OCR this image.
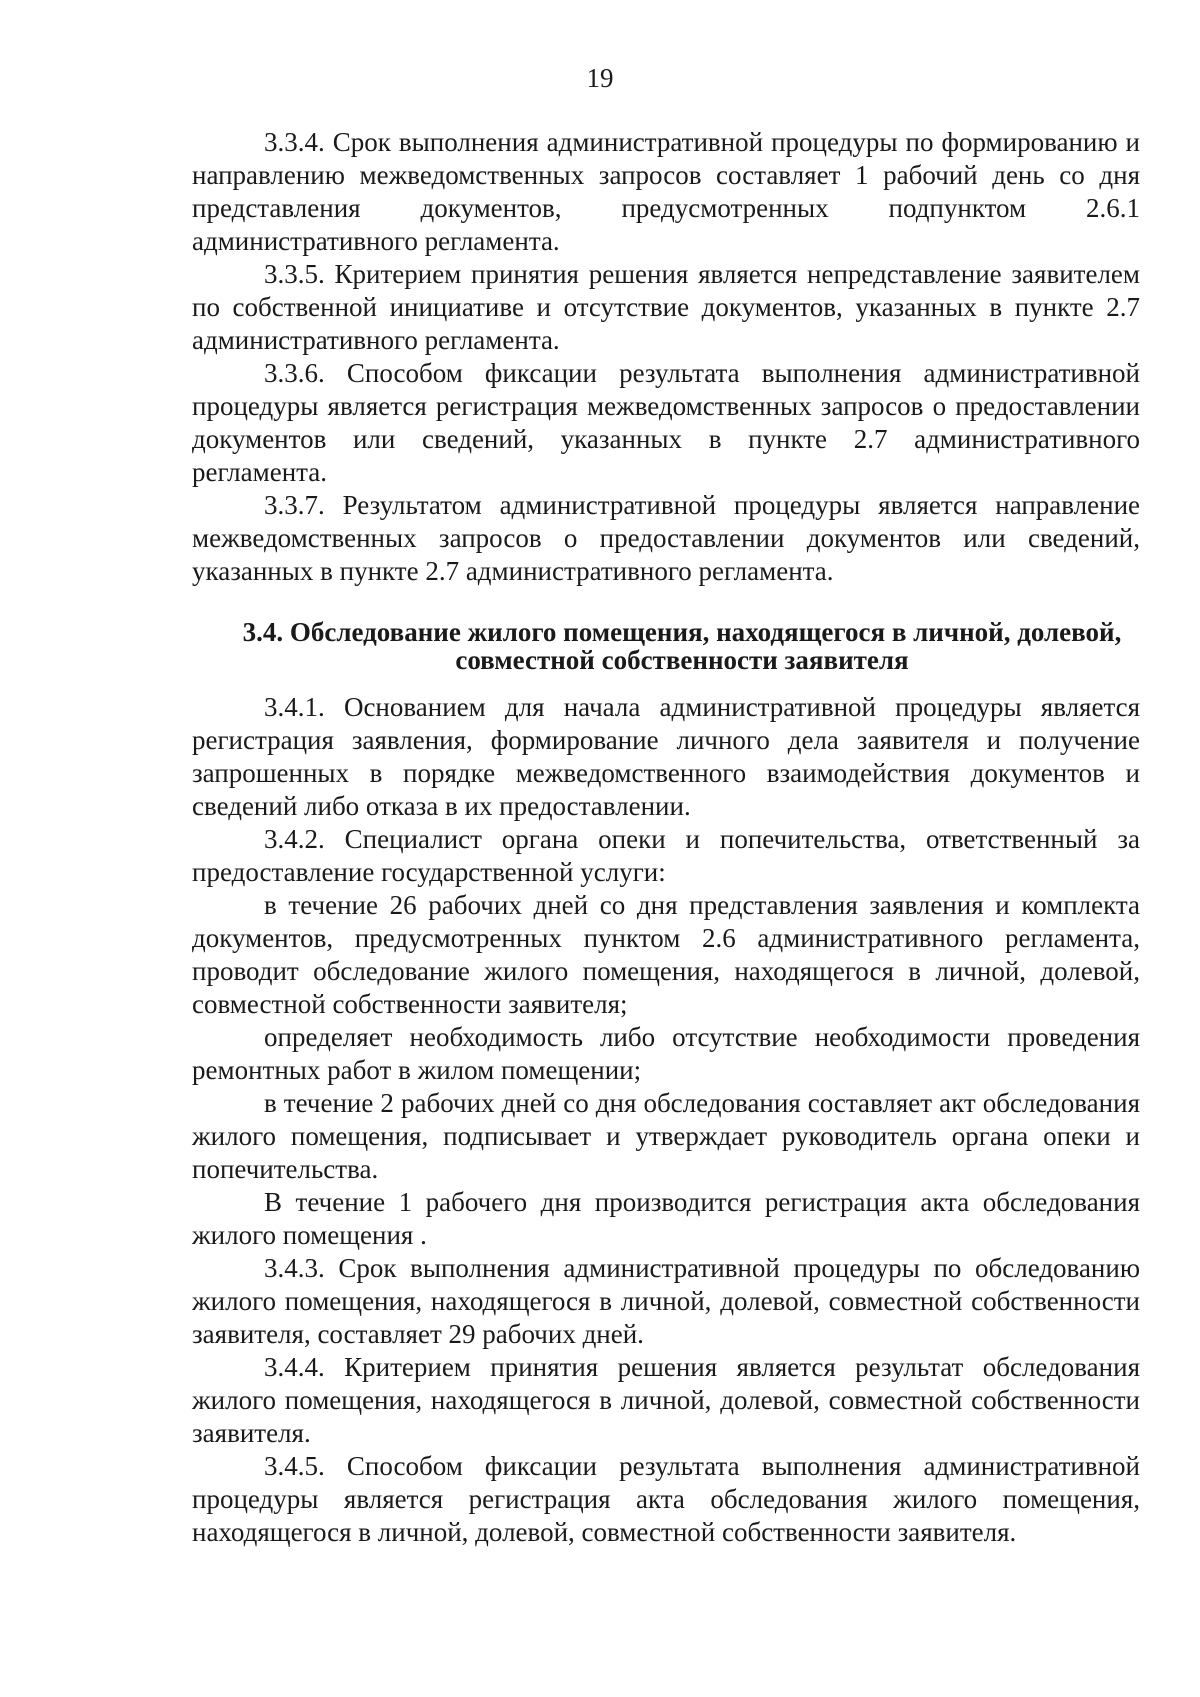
19

3.3.4. Срок выполнения административной процедуры по формированию и направлению межведомственных запросов составляет 1 рабочий день со дня представления документов, предусмотренных подпунктом 2.6.1 административного регламента.

3.3.5. Критерием принятия решения является непредставление заявителем по собственной инициативе и отсутствие документов, указанных в пункте 2.7 административного регламента.

3.3.6. Способом фиксации результата выполнения административной процедуры является регистрация межведомственных запросов о предоставлении документов или сведений, указанных в пункте 2.7 административного регламента.

3.3.7. Результатом административной процедуры является направление межведомственных запросов о предоставлении документов или сведений, указанных в пункте 2.7 административного регламента.

3.4. Обследование жилого помещения, находящегося в личной, долевой, совместной собственности заявителя

3.4.1. Основанием для начала административной процедуры является регистрация заявления, формирование личного дела заявителя и получение запрошенных в порядке межведомственного взаимодействия документов и сведений либо отказа в их предоставлении.

3.4.2. Специалист органа опеки и попечительства, ответственный за предоставление государственной услуги:

в течение 26 рабочих дней со дня представления заявления и комплекта документов, предусмотренных пунктом 2.6 административного регламента, проводит обследование жилого помещения, находящегося в личной, долевой, совместной собственности заявителя;

определяет необходимость либо отсутствие необходимости проведения ремонтных работ в жилом помещении;

в течение 2 рабочих дней со дня обследования составляет акт обследования жилого помещения, подписывает и утверждает руководитель органа опеки и попечительства.

В течение 1 рабочего дня производится регистрация акта обследования жилого помещения .

3.4.3. Срок выполнения административной процедуры по обследованию жилого помещения, находящегося в личной, долевой, совместной собственности заявителя, составляет 29 рабочих дней.

3.4.4. Критерием принятия решения является результат обследования жилого помещения, находящегося в личной, долевой, совместной собственности заявителя.

3.4.5. Способом фиксации результата выполнения административной процедуры является регистрация акта обследования жилого помещения, находящегося в личной, долевой, совместной собственности заявителя.
